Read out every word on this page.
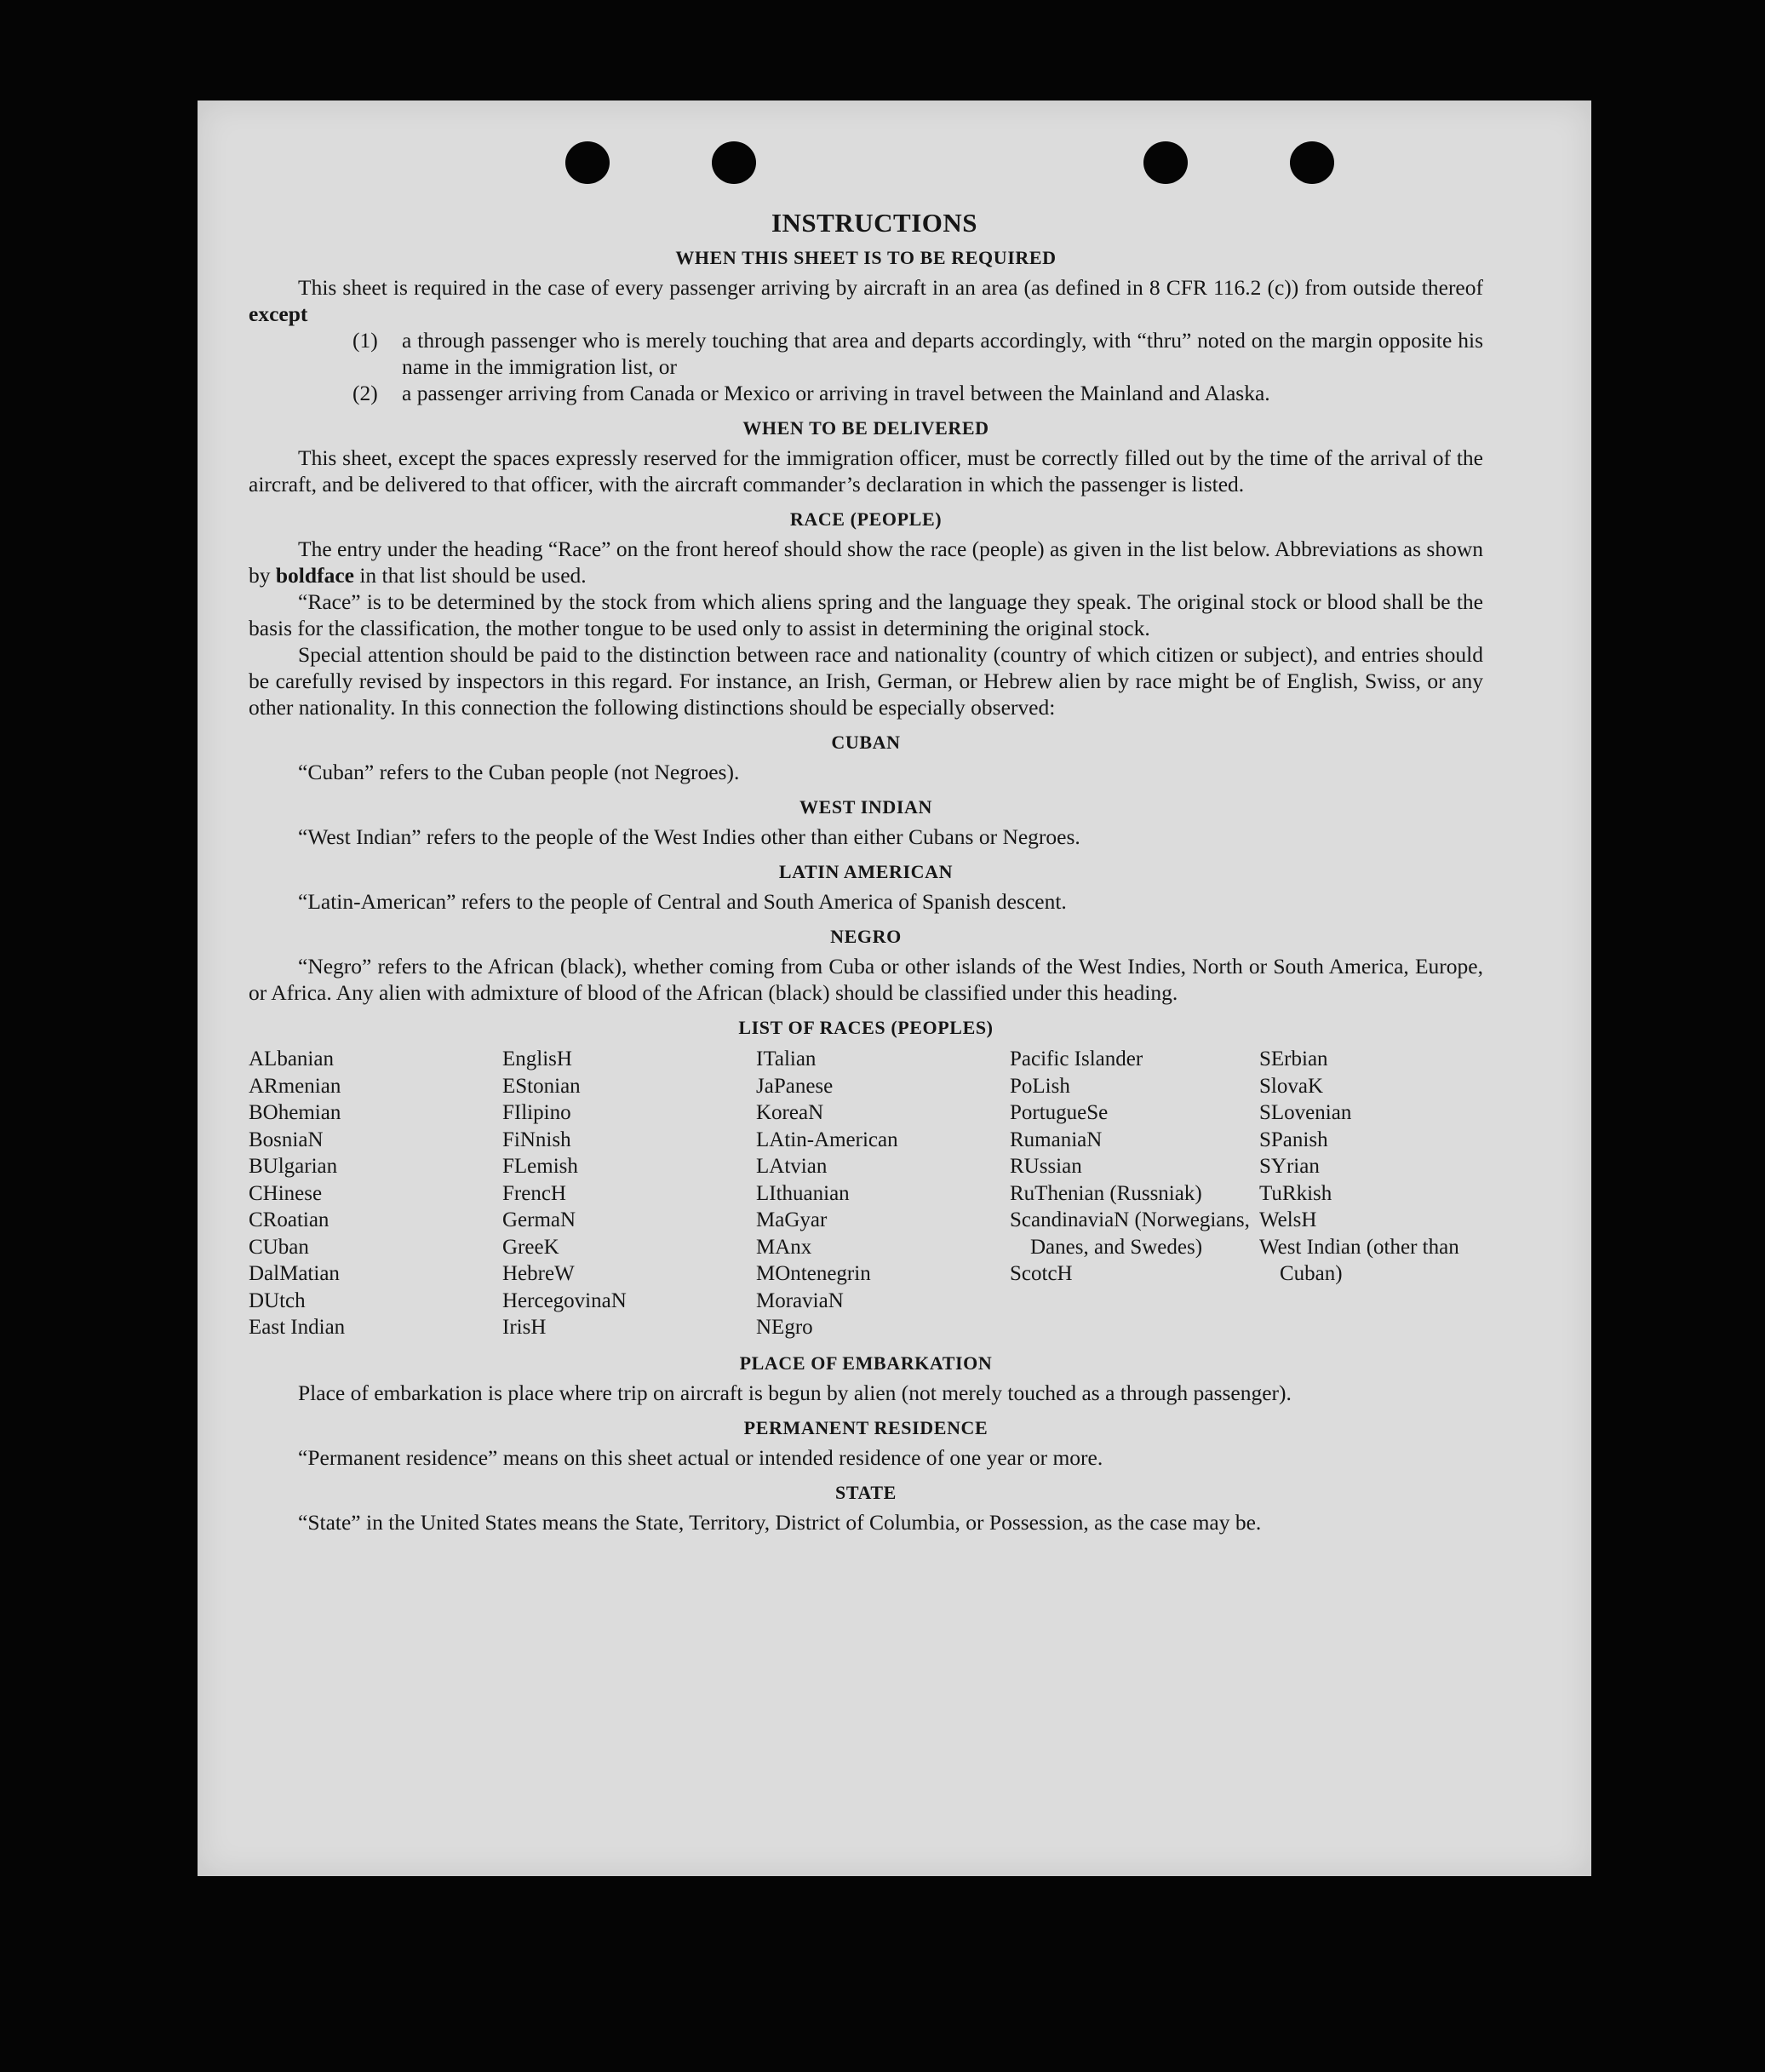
INSTRUCTIONS
WHEN THIS SHEET IS TO BE REQUIRED

This sheet is required in the case of every passenger arriving by aircraft in an area (as defined in 8 CFR 116.2 (c)) from outside thereof except

(1)	a through passenger who is merely touching that area and departs accordingly, with “thru” noted on the margin opposite his name in the immigration list, or
(2)	a passenger arriving from Canada or Mexico or arriving in travel between the Mainland and Alaska.
WHEN TO BE DELIVERED

This sheet, except the spaces expressly reserved for the immigration officer, must be correctly filled out by the time of the arrival of the aircraft, and be delivered to that officer, with the aircraft commander’s declaration in which the passenger is listed.

RACE (PEOPLE)

The entry under the heading “Race” on the front hereof should show the race (people) as given in the list below. Abbreviations as shown by boldface in that list should be used.

“Race” is to be determined by the stock from which aliens spring and the language they speak. The original stock or blood shall be the basis for the classification, the mother tongue to be used only to assist in determining the original stock.

Special attention should be paid to the distinction between race and nationality (country of which citizen or subject), and entries should be carefully revised by inspectors in this regard. For instance, an Irish, German, or Hebrew alien by race might be of English, Swiss, or any other nationality. In this connection the following distinctions should be especially observed:

CUBAN

“Cuban” refers to the Cuban people (not Negroes).

WEST INDIAN

“West Indian” refers to the people of the West Indies other than either Cubans or Negroes.

LATIN AMERICAN

“Latin-American” refers to the people of Central and South America of Spanish descent.

NEGRO

“Negro” refers to the African (black), whether coming from Cuba or other islands of the West Indies, North or South America, Europe, or Africa. Any alien with admixture of blood of the African (black) should be classified under this heading.

LIST OF RACES (PEOPLES)
ALbanian
ARmenian
BOhemian
BosniaN
BUlgarian
CHinese
CRoatian
CUban
DalMatian
DUtch
East Indian
EnglisH
EStonian
FIlipino
FiNnish
FLemish
FrencH
GermaN
GreeK
HebreW
HercegovinaN
IrisH
ITalian
JaPanese
KoreaN
LAtin-American
LAtvian
LIthuanian
MaGyar
MAnx
MOntenegrin
MoraviaN
NEgro
Pacific Islander
PoLish
PortugueSe
RumaniaN
RUssian
RuThenian (Russniak)
ScandinaviaN (Norwegians, Danes, and Swedes)
ScotcH
SErbian
SlovaK
SLovenian
SPanish
SYrian
TuRkish
WelsH
West Indian (other than Cuban)
PLACE OF EMBARKATION

Place of embarkation is place where trip on aircraft is begun by alien (not merely touched as a through passenger).

PERMANENT RESIDENCE

“Permanent residence” means on this sheet actual or intended residence of one year or more.

STATE

“State” in the United States means the State, Territory, District of Columbia, or Possession, as the case may be.
